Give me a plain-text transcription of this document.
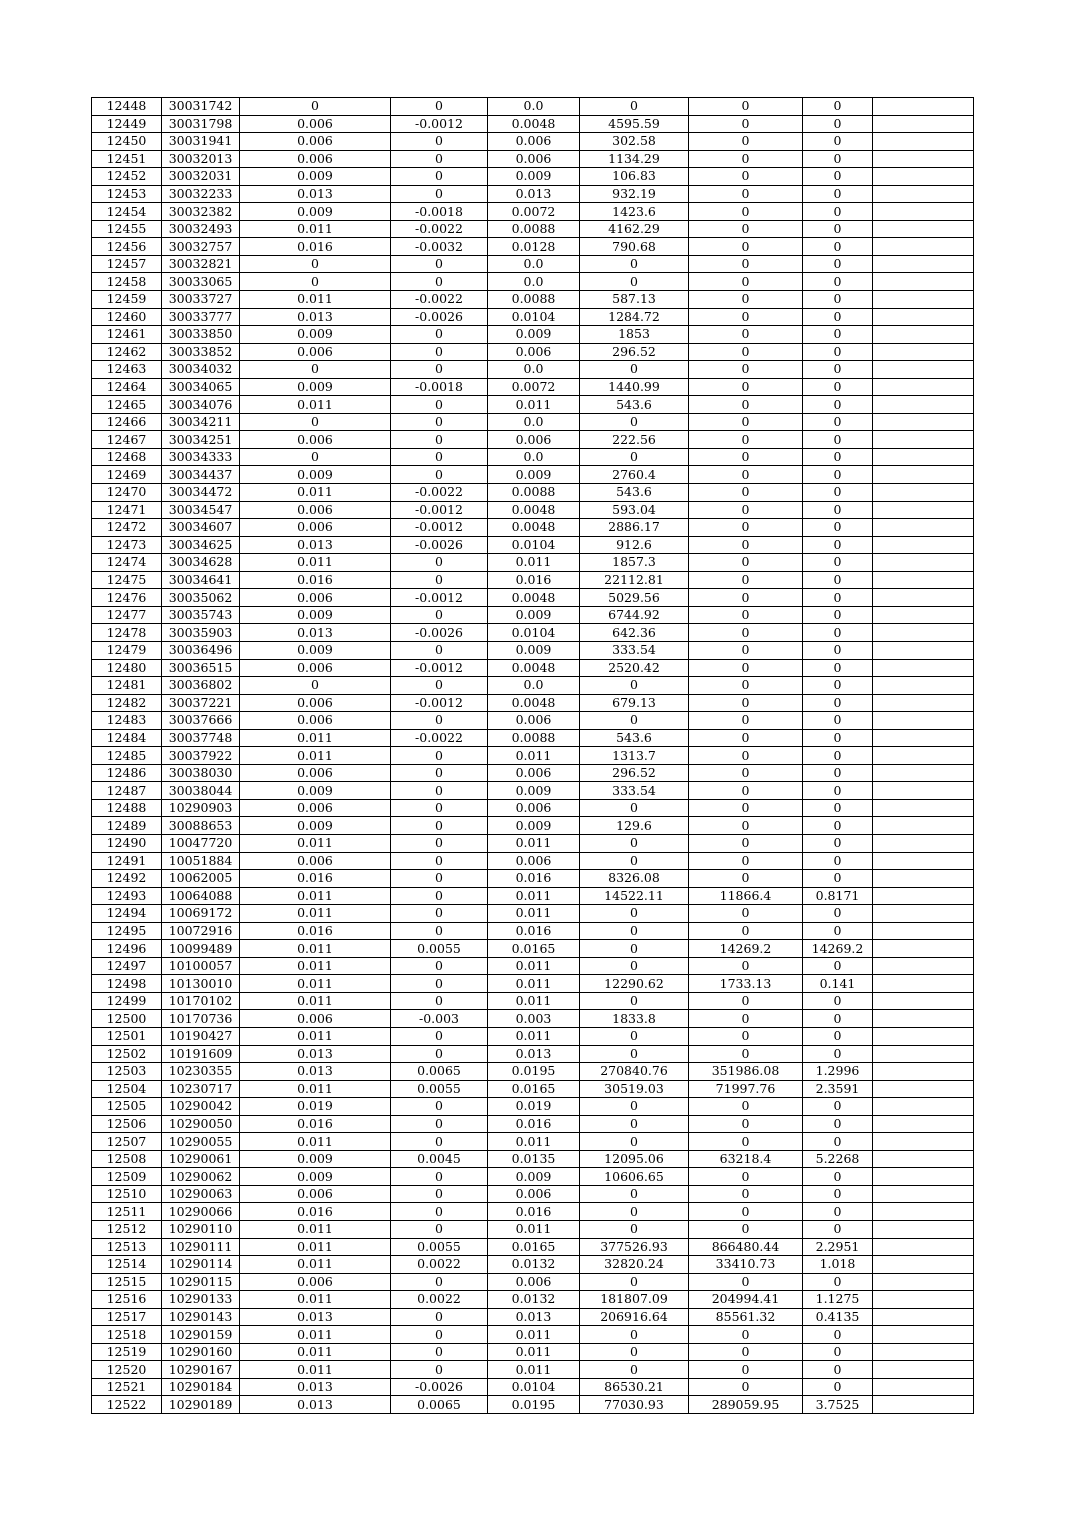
12448	30031742	0	0	0.0	0	0	0	
12449	30031798	0.006	-0.0012	0.0048	4595.59	0	0	
12450	30031941	0.006	0	0.006	302.58	0	0	
12451	30032013	0.006	0	0.006	1134.29	0	0	
12452	30032031	0.009	0	0.009	106.83	0	0	
12453	30032233	0.013	0	0.013	932.19	0	0	
12454	30032382	0.009	-0.0018	0.0072	1423.6	0	0	
12455	30032493	0.011	-0.0022	0.0088	4162.29	0	0	
12456	30032757	0.016	-0.0032	0.0128	790.68	0	0	
12457	30032821	0	0	0.0	0	0	0	
12458	30033065	0	0	0.0	0	0	0	
12459	30033727	0.011	-0.0022	0.0088	587.13	0	0	
12460	30033777	0.013	-0.0026	0.0104	1284.72	0	0	
12461	30033850	0.009	0	0.009	1853	0	0	
12462	30033852	0.006	0	0.006	296.52	0	0	
12463	30034032	0	0	0.0	0	0	0	
12464	30034065	0.009	-0.0018	0.0072	1440.99	0	0	
12465	30034076	0.011	0	0.011	543.6	0	0	
12466	30034211	0	0	0.0	0	0	0	
12467	30034251	0.006	0	0.006	222.56	0	0	
12468	30034333	0	0	0.0	0	0	0	
12469	30034437	0.009	0	0.009	2760.4	0	0	
12470	30034472	0.011	-0.0022	0.0088	543.6	0	0	
12471	30034547	0.006	-0.0012	0.0048	593.04	0	0	
12472	30034607	0.006	-0.0012	0.0048	2886.17	0	0	
12473	30034625	0.013	-0.0026	0.0104	912.6	0	0	
12474	30034628	0.011	0	0.011	1857.3	0	0	
12475	30034641	0.016	0	0.016	22112.81	0	0	
12476	30035062	0.006	-0.0012	0.0048	5029.56	0	0	
12477	30035743	0.009	0	0.009	6744.92	0	0	
12478	30035903	0.013	-0.0026	0.0104	642.36	0	0	
12479	30036496	0.009	0	0.009	333.54	0	0	
12480	30036515	0.006	-0.0012	0.0048	2520.42	0	0	
12481	30036802	0	0	0.0	0	0	0	
12482	30037221	0.006	-0.0012	0.0048	679.13	0	0	
12483	30037666	0.006	0	0.006	0	0	0	
12484	30037748	0.011	-0.0022	0.0088	543.6	0	0	
12485	30037922	0.011	0	0.011	1313.7	0	0	
12486	30038030	0.006	0	0.006	296.52	0	0	
12487	30038044	0.009	0	0.009	333.54	0	0	
12488	10290903	0.006	0	0.006	0	0	0	
12489	30088653	0.009	0	0.009	129.6	0	0	
12490	10047720	0.011	0	0.011	0	0	0	
12491	10051884	0.006	0	0.006	0	0	0	
12492	10062005	0.016	0	0.016	8326.08	0	0	
12493	10064088	0.011	0	0.011	14522.11	11866.4	0.8171	
12494	10069172	0.011	0	0.011	0	0	0	
12495	10072916	0.016	0	0.016	0	0	0	
12496	10099489	0.011	0.0055	0.0165	0	14269.2	14269.2	
12497	10100057	0.011	0	0.011	0	0	0	
12498	10130010	0.011	0	0.011	12290.62	1733.13	0.141	
12499	10170102	0.011	0	0.011	0	0	0	
12500	10170736	0.006	-0.003	0.003	1833.8	0	0	
12501	10190427	0.011	0	0.011	0	0	0	
12502	10191609	0.013	0	0.013	0	0	0	
12503	10230355	0.013	0.0065	0.0195	270840.76	351986.08	1.2996	
12504	10230717	0.011	0.0055	0.0165	30519.03	71997.76	2.3591	
12505	10290042	0.019	0	0.019	0	0	0	
12506	10290050	0.016	0	0.016	0	0	0	
12507	10290055	0.011	0	0.011	0	0	0	
12508	10290061	0.009	0.0045	0.0135	12095.06	63218.4	5.2268	
12509	10290062	0.009	0	0.009	10606.65	0	0	
12510	10290063	0.006	0	0.006	0	0	0	
12511	10290066	0.016	0	0.016	0	0	0	
12512	10290110	0.011	0	0.011	0	0	0	
12513	10290111	0.011	0.0055	0.0165	377526.93	866480.44	2.2951	
12514	10290114	0.011	0.0022	0.0132	32820.24	33410.73	1.018	
12515	10290115	0.006	0	0.006	0	0	0	
12516	10290133	0.011	0.0022	0.0132	181807.09	204994.41	1.1275	
12517	10290143	0.013	0	0.013	206916.64	85561.32	0.4135	
12518	10290159	0.011	0	0.011	0	0	0	
12519	10290160	0.011	0	0.011	0	0	0	
12520	10290167	0.011	0	0.011	0	0	0	
12521	10290184	0.013	-0.0026	0.0104	86530.21	0	0	
12522	10290189	0.013	0.0065	0.0195	77030.93	289059.95	3.7525	
